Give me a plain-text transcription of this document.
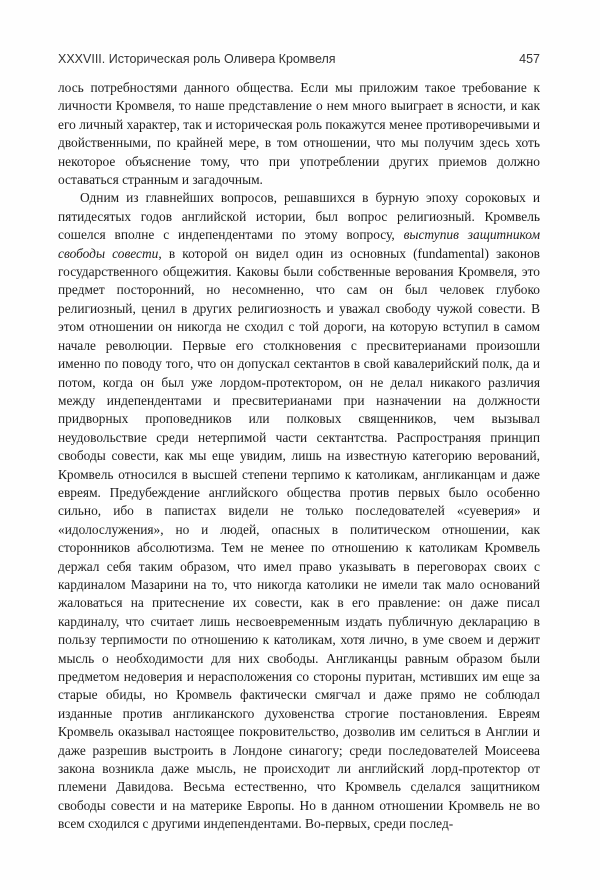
XXXVIII. Историческая роль Оливера Кромвеля	457

лось потребностями данного общества. Если мы приложим такое требование к личности Кромвеля, то наше представление о нем много выиграет в ясности, и как его личный характер, так и историческая роль покажутся менее противоречивыми и двойственными, по крайней мере, в том отношении, что мы получим здесь хоть некоторое объяснение тому, что при употреблении других приемов должно оставаться странным и загадочным.

Одним из главнейших вопросов, решавшихся в бурную эпоху сороковых и пятидесятых годов английской истории, был вопрос религиозный. Кромвель сошелся вполне с индепендентами по этому вопросу, выступив защитником свободы совести, в которой он видел один из основных (fundamental) законов государственного общежития. Каковы были собственные верования Кромвеля, это предмет посторонний, но несомненно, что сам он был человек глубоко религиозный, ценил в других религиозность и уважал свободу чужой совести. В этом отношении он никогда не сходил с той дороги, на которую вступил в самом начале революции. Первые его столкновения с пресвитерианами произошли именно по поводу того, что он допускал сектантов в свой кавалерийский полк, да и потом, когда он был уже лордом-протектором, он не делал никакого различия между индепендентами и пресвитерианами при назначении на должности придворных проповедников или полковых священников, чем вызывал неудовольствие среди нетерпимой части сектантства. Распространяя принцип свободы совести, как мы еще увидим, лишь на известную категорию верований, Кромвель относился в высшей степени терпимо к католикам, англиканцам и даже евреям. Предубеждение английского общества против первых было особенно сильно, ибо в папистах видели не только последователей «суеверия» и «идолослужения», но и людей, опасных в политическом отношении, как сторонников абсолютизма. Тем не менее по отношению к католикам Кромвель держал себя таким образом, что имел право указывать в переговорах своих с кардиналом Мазарини на то, что никогда католики не имели так мало оснований жаловаться на притеснение их совести, как в его правление: он даже писал кардиналу, что считает лишь несвоевременным издать публичную декларацию в пользу терпимости по отношению к католикам, хотя лично, в уме своем и держит мысль о необходимости для них свободы. Англиканцы равным образом были предметом недоверия и нерасположения со стороны пуритан, мстивших им еще за старые обиды, но Кромвель фактически смягчал и даже прямо не соблюдал изданные против англиканского духовенства строгие постановления. Евреям Кромвель оказывал настоящее покровительство, дозволив им селиться в Англии и даже разрешив выстроить в Лондоне синагогу; среди последователей Моисеева закона возникла даже мысль, не происходит ли английский лорд-протектор от племени Давидова. Весьма естественно, что Кромвель сделался защитником свободы совести и на материке Европы. Но в данном отношении Кромвель не во всем сходился с другими индепендентами. Во-первых, среди послед-
